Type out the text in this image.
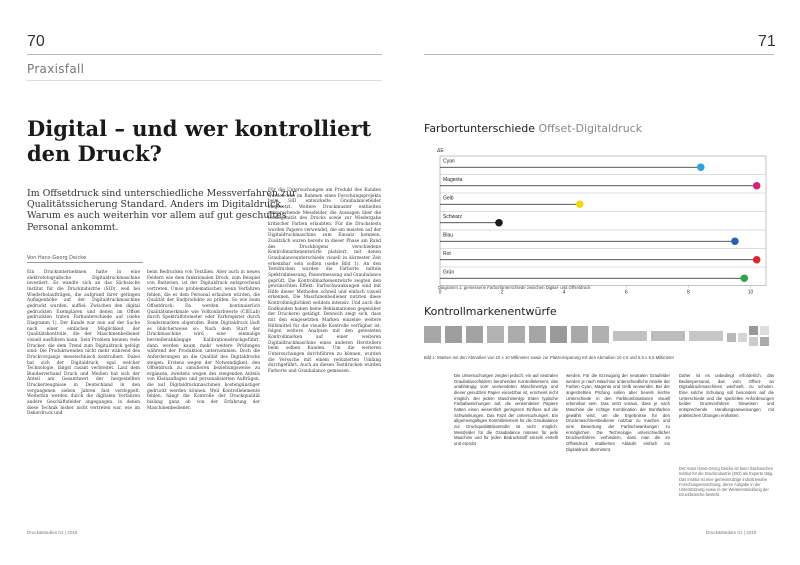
70
Praxisfall
Digital – und wer kontrolliert den Druck?
Im Offsetdruck sind unterschiedliche Messverfahren zur Qualitätssicherung Standard. Anders im Digitaldruck. Warum es auch weiterhin vor allem auf gut geschultes Personal ankommt.
Von Hans-Georg Deicke

Ein Druckunternehmen hatte in eine elektrofotografische Digitaldruckmaschine investiert. Es wandte sich an das Sächsische Institut für die Druckindustrie (SID), weil bei Wiederholaufträgen, die aufgrund ihrer geringen Auflagenhöhe auf der Digitaldruckmaschine gedruckt wurden, auffiel: Zwischen den digital gedruckten Exemplaren und denen im Offset gedruckten traten Farbunterschiede auf (siehe Diagramm 1). Der Kunde war nun auf der Suche nach einer einfachen Möglichkeit der Qualitätskontrolle, die der Maschinenbediener visuell ausführen kann. Sein Problem kennen viele Drucker, die dem Trend zum Digitaldruck gefolgt sind: Die Produktwenden nicht mehr während des Druckvorgangs messtechnisch kontrolliert. Dabei hat sich der Digitaldruck, egal welcher Technologie, längst rasant verbreitet. Laut dem Bundesverband Druck und Medien hat sich der Anteil am Gesamtwert der hergestellten Druckerzeugnisse in Deutschland in den vergangenen sieben Jahren fast verdoppelt. Weiterhin werden durch die digitalen Verfahren andere Geschäftsfelder angegangen, in denen diese Technik bisher nicht vertreten war, wie im Dekordruck und

beim Bedrucken von Textilien. Aber auch in neuen Feldern wie dem funktionalen Druck, zum Beispiel von Batterien, ist der Digitaldruck entsprechend vertreten. Umso problematischer, wenn Verfahren fehlen, die es dem Personal erlauben würden, die Qualität der Endprodukte zu prüfen. So wie beim Offsetdruck: Da werden kontinuierlich Qualitätsmerkmale wie Volltonfarbwerte (CIELab) durch Spektralfotometer oder Farbregister durch Sondermarken abgerufen. Beim Digitaldruck läuft es üblicherweise so: Nach dem Start der Druckmaschine wird eine einmalige herstellerabhängige Kalibrationsdruckgeführt, dann werden kaum mehr weitere Prüfungen während der Produktion unternommen. Doch die Anforderungen an die Qualität des Digitaldrucks steigen. Erstens wegen der Notwendigkeit, den Offsetdruck zu simulieren beziehungsweise zu ergänzen, zweitens wegen des steigenden Anteils von Kleinauflagen und personalisierten Aufträgen, die auf Digitaldruckmaschinen kostengünstiger gedruckt werden können. Weil Kontrollelemente fehlen, hängt die Kontrolle der Druckqualität bislang ganz ab von der Erfahrung der Maschinenbediener.

Für die Untersuchungen am Produkt des Kunden wurden nun im Rahmen eines Forschungsprojekts beim SID entwickelte Graubalancefelder eingesetzt. Weitere Druckmuster enthielten entsprechende Messfelder, die Aussagen über die Homogenität des Drucks sowie zur Wiedergabe kritischer Farben erlaubten. Für die Druckstests wurden Papiere verwendet, die am meisten auf der Digitaldruckmaschine zum Einsatz kommen. Zusätzlich waren bereits in dieser Phase am Rand des Druckbogens verschiedene Kontrollmarkenentwürfe platziert, mit denen Graubalanceunterschiede visuell in kürzester Zeit erkennbar sein sollten (siehe Bild 1). An den Testdrucken wurden die Farborte mittels Spektralmessung, Passermessung und Graubalance geprüft. Die Kontrollmarkenentwürfe zeigten den gewünschten Effekt: Farbschwankungen sind mit Hilfe dieser Methoden schnell und einfach visuell erkennen. Die Maschinenbediener nutzten diese Kontrollmöglichkeit seitdem intensiv. Und auch die Endkunden haben keine Reklamationen gegenüber der Druckerei getätigt. Dennoch zeigt sich, dass mit den eingesetzten Marken einzelne weitere Hilfsmittel für die visuelle Kontrolle verfügbar ist, folgen weitere Analysen mit den getesteten Kontrollmarken auf einer weiteren Digitaldruckmaschine eines anderen Herstellers beim selben Kunden. Um die weiteren Untersuchungen durchführen zu können, wurden die Versuche mit einem reduzierten Umfang durchgeführt. Auch an diesen Testdrucken wurden Farborte und Graubalance gemessen.

Druck&Medien 01 | 2019
71
Farbortunterschiede Offset-Digitaldruck
ΔE
Cyan
Magenta
Gelb
Schwarz
Blau
Rot
Grün
0	2	4	6	8	10
Diagramm 1: gemessene Farbortunterschiede zwischen Digital- und Offsetdruck
Kontrollmarkenentwürfe
Bild 1: Marken mit den Abmaßen von 10 x 10 Millimeter sowie zur Platzeinsparung mit den Abmaßen 10 x 6 und 5,5 x 5,5 Millimeter
Die Untersuchungen zeigten jedoch: ein auf neutralen Graubalancefeldern beruhendes Kontrollelement, das unabhängig vom verwendeten Maschinentyp und dieser genutzten Papier einsetzbar ist, erscheint nicht möglich. Bei jedem Maschinentyp traten typische Farbabweichungen auf, die verwendeten Papiere hatten einen wesentlich geringeren Einfluss auf die Schwankungen. Das Fazit der Untersuchungen: Ein allgemeingültiges Kontrollelement für die Graubalance zur Druckqualitätskontrolle ist nicht möglich. Messfelder für die Graubalance müssen für jede Maschine und für jeden Bedruckstoff einzeln erstellt und erprobt
werden. Für die Erzeugung der neutralen Graufelder werden je nach Maschine unterschiedliche Anteile der Farben Cyan, Magenta und Gelb verwendet. Bei der angestrebten Prüfung sollen aber bereits leichte Unterschiede in den Farbkombinationen visuell erkennbar sein. Das setzt voraus, dass je nach Maschine die richtige Kombination der Buntfarben gewählt wird, um die Ergebnisse für den Druckmaschinenbediener nutzbar zu machen und eine Bewertung der Farbschwankungen zu ermöglichen. Die Technologie unterschiedlicher Druckverfahren verhindern, dass man die im Offsetdruck etablierten Abläufe einfach ins Digitaldruck übernimmt.
Daher ist es unbedingt erforderlich, das Bedienpersonal, das vom Offset- an Digitaldruckmaschinen wechselt, zu schulen. Eine solche Schulung soll besonders auf die Unterschiede und die speziellen Anforderungen beider Druckverfahren hinweisen und entsprechende Handlungsanweisungen mit praktischen Übungen enthalten.
Der Autor Hans-Georg Deicke ist beim Sächsischen Institut für die Druckindustrie (SID) als Experte tätig. Das Institut ist eine gemeinnützige industrienahe Forschungseinrichtung, deren Aufgabe in der Unterstützung sowie in der Weiterentwicklung der Druckbranche besteht.
Druck&Medien 01 | 2019
